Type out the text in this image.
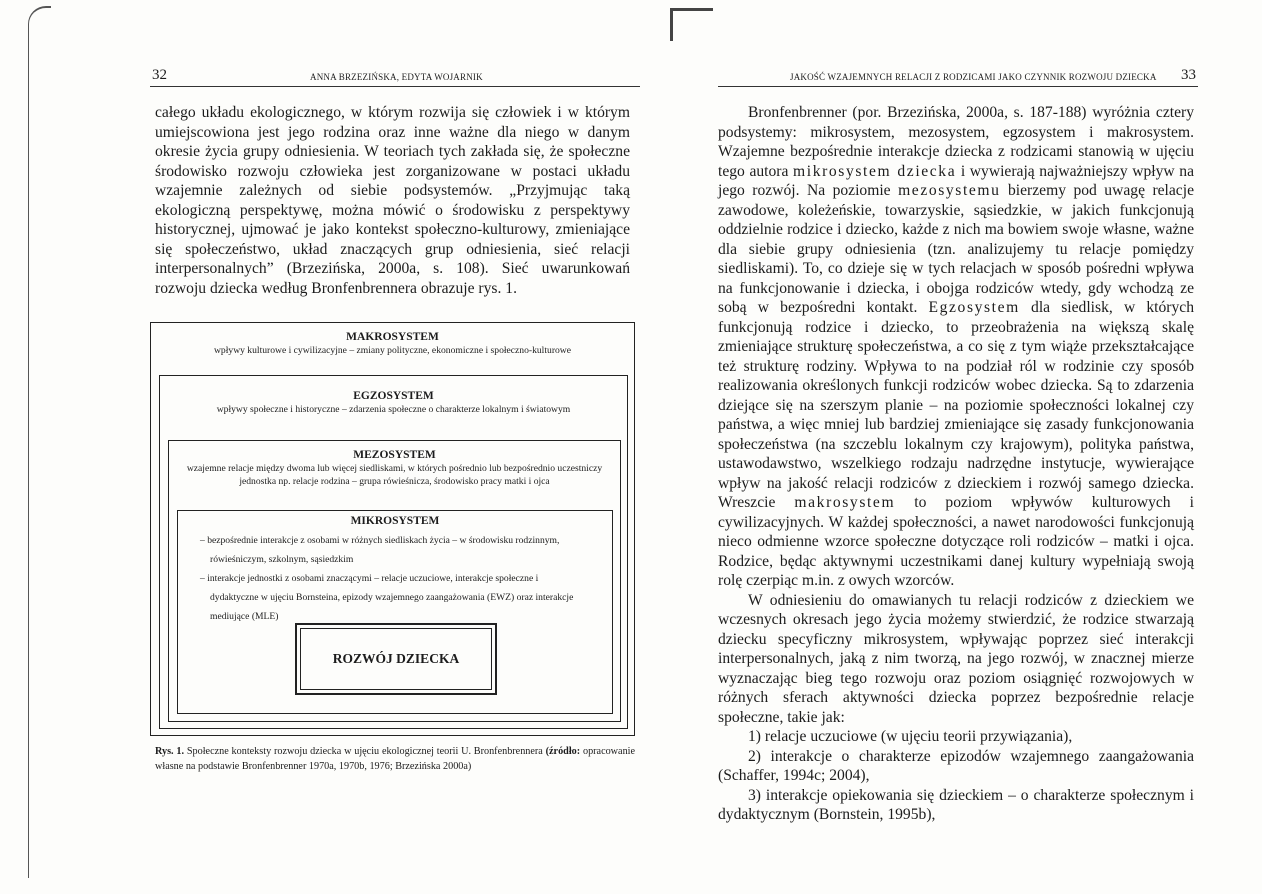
32	ANNA BRZEZIŃSKA, EDYTA WOJARNIK

całego układu ekologicznego, w którym rozwija się człowiek i w którym umiejscowiona jest jego rodzina oraz inne ważne dla niego w danym okresie życia grupy odniesienia. W teoriach tych zakłada się, że społeczne środowisko rozwoju człowieka jest zorganizowane w postaci układu wzajemnie zależnych od siebie podsystemów. „Przyjmując taką ekologiczną perspektywę, można mówić o środowisku z perspektywy historycznej, ujmować je jako kontekst społeczno-kulturowy, zmieniające się społeczeństwo, układ znaczących grup odniesienia, sieć relacji interpersonalnych” (Brzezińska, 2000a, s. 108). Sieć uwarunkowań rozwoju dziecka według Bronfenbrennera obrazuje rys. 1.

MAKROSYSTEM
wpływy kulturowe i cywilizacyjne – zmiany polityczne, ekonomiczne i społeczno-kulturowe
EGZOSYSTEM
wpływy społeczne i historyczne – zdarzenia społeczne o charakterze lokalnym i światowym
MEZOSYSTEM
wzajemne relacje między dwoma lub więcej siedliskami, w których pośrednio lub bezpośrednio uczestniczy jednostka np. relacje rodzina – grupa rówieśnicza, środowisko pracy matki i ojca
MIKROSYSTEM
– bezpośrednie interakcje z osobami w różnych siedliskach życia – w środowisku rodzinnym, rówieśniczym, szkolnym, sąsiedzkim
– interakcje jednostki z osobami znaczącymi – relacje uczuciowe, interakcje społeczne i dydaktyczne w ujęciu Bornsteina, epizody wzajemnego zaangażowania (EWZ) oraz interakcje mediujące (MLE)
ROZWÓJ DZIECKA
Rys. 1. Społeczne konteksty rozwoju dziecka w ujęciu ekologicznej teorii U. Bronfenbrennera (źródło: opracowanie własne na podstawie Bronfenbrenner 1970a, 1970b, 1976; Brzezińska 2000a)
JAKOŚĆ WZAJEMNYCH RELACJI Z RODZICAMI JAKO CZYNNIK ROZWOJU DZIECKA 33

Bronfenbrenner (por. Brzezińska, 2000a, s. 187-188) wyróżnia cztery podsystemy: mikrosystem, mezosystem, egzosystem i makrosystem. Wzajemne bezpośrednie interakcje dziecka z rodzicami stanowią w ujęciu tego autora mikrosystem dziecka i wywierają najważniejszy wpływ na jego rozwój. Na poziomie mezosystemu bierzemy pod uwagę relacje zawodowe, koleżeńskie, towarzyskie, sąsiedzkie, w jakich funkcjonują oddzielnie rodzice i dziecko, każde z nich ma bowiem swoje własne, ważne dla siebie grupy odniesienia (tzn. analizujemy tu relacje pomiędzy siedliskami). To, co dzieje się w tych relacjach w sposób pośredni wpływa na funkcjonowanie i dziecka, i obojga rodziców wtedy, gdy wchodzą ze sobą w bezpośredni kontakt. Egzosystem dla siedlisk, w których funkcjonują rodzice i dziecko, to przeobrażenia na większą skalę zmieniające strukturę społeczeństwa, a co się z tym wiąże przekształcające też strukturę rodziny. Wpływa to na podział ról w rodzinie czy sposób realizowania określonych funkcji rodziców wobec dziecka. Są to zdarzenia dziejące się na szerszym planie – na poziomie społeczności lokalnej czy państwa, a więc mniej lub bardziej zmieniające się zasady funkcjonowania społeczeństwa (na szczeblu lokalnym czy krajowym), polityka państwa, ustawodawstwo, wszelkiego rodzaju nadrzędne instytucje, wywierające wpływ na jakość relacji rodziców z dzieckiem i rozwój samego dziecka. Wreszcie makrosystem to poziom wpływów kulturowych i cywilizacyjnych. W każdej społeczności, a nawet narodowości funkcjonują nieco odmienne wzorce społeczne dotyczące roli rodziców – matki i ojca. Rodzice, będąc aktywnymi uczestnikami danej kultury wypełniają swoją rolę czerpiąc m.in. z owych wzorców.

W odniesieniu do omawianych tu relacji rodziców z dzieckiem we wczesnych okresach jego życia możemy stwierdzić, że rodzice stwarzają dziecku specyficzny mikrosystem, wpływając poprzez sieć interakcji interpersonalnych, jaką z nim tworzą, na jego rozwój, w znacznej mierze wyznaczając bieg tego rozwoju oraz poziom osiągnięć rozwojowych w różnych sferach aktywności dziecka poprzez bezpośrednie relacje społeczne, takie jak:

1) relacje uczuciowe (w ujęciu teorii przywiązania),

2) interakcje o charakterze epizodów wzajemnego zaangażowania (Schaffer, 1994c; 2004),

3) interakcje opiekowania się dzieckiem – o charakterze społecznym i dydaktycznym (Bornstein, 1995b),
